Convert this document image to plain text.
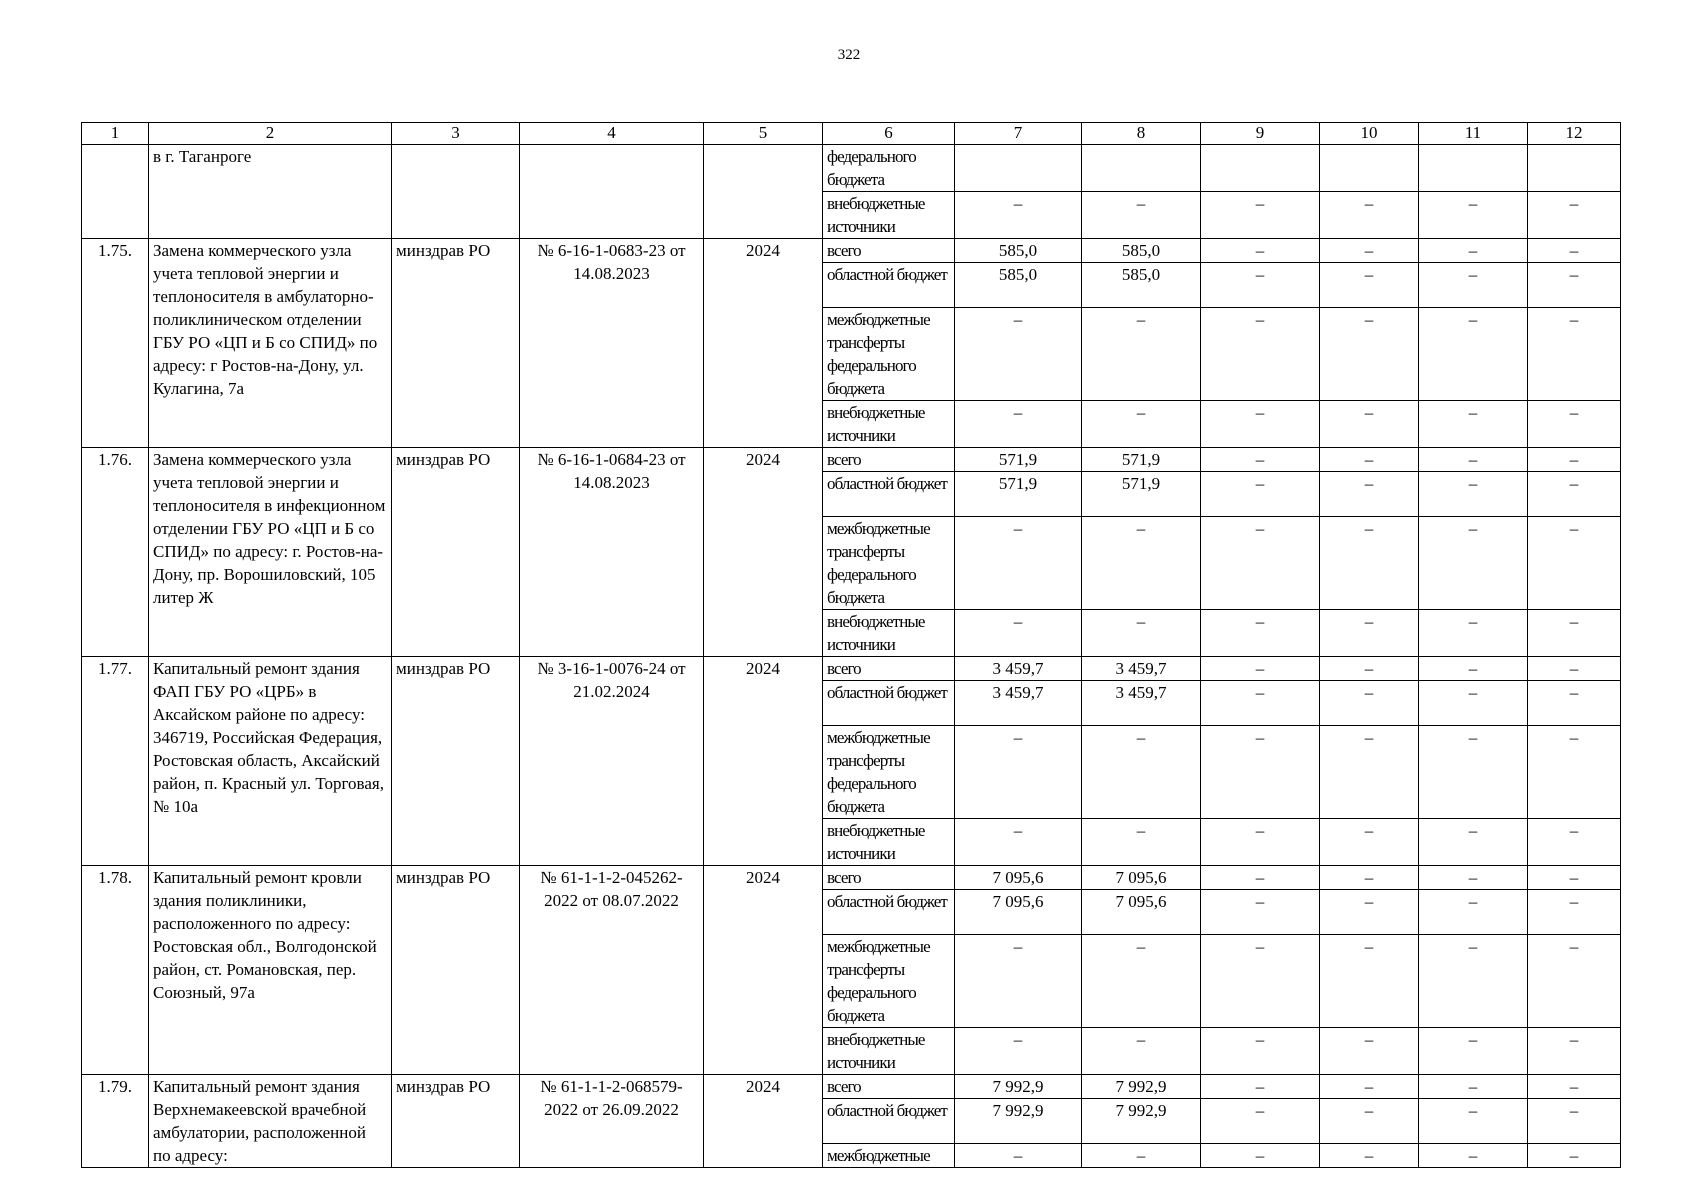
322
1	2	3	4	5	6	7	8	9	10	11	12
	в г. Таганроге				федерального бюджета						
					внебюджетные источники	–	–	–	–	–	–
1.75.	Замена коммерческого узла учета тепловой энергии и теплоносителя в амбулаторно-поликлиническом отделении ГБУ РО «ЦП и Б со СПИД» по адресу: г Ростов-на-Дону, ул. Кулагина, 7а	минздрав РО	№ 6-16-1-0683-23 от 14.08.2023	2024	всего	585,0	585,0	–	–	–	–
					областной бюджет	585,0	585,0	–	–	–	–
					межбюджетные трансферты федерального бюджета	–	–	–	–	–	–
					внебюджетные источники	–	–	–	–	–	–
1.76.	Замена коммерческого узла учета тепловой энергии и теплоносителя в инфекционном отделении ГБУ РО «ЦП и Б со СПИД» по адресу: г. Ростов-на-Дону, пр. Ворошиловский, 105 литер Ж	минздрав РО	№ 6-16-1-0684-23 от 14.08.2023	2024	всего	571,9	571,9	–	–	–	–
					областной бюджет	571,9	571,9	–	–	–	–
					межбюджетные трансферты федерального бюджета	–	–	–	–	–	–
					внебюджетные источники	–	–	–	–	–	–
1.77.	Капитальный ремонт здания ФАП ГБУ РО «ЦРБ» в Аксайском районе по адресу: 346719, Российская Федерация, Ростовская область, Аксайский район, п. Красный ул. Торговая, № 10а	минздрав РО	№ 3-16-1-0076-24 от 21.02.2024	2024	всего	3 459,7	3 459,7	–	–	–	–
					областной бюджет	3 459,7	3 459,7	–	–	–	–
					межбюджетные трансферты федерального бюджета	–	–	–	–	–	–
					внебюджетные источники	–	–	–	–	–	–
1.78.	Капитальный ремонт кровли здания поликлиники, расположенного по адресу: Ростовская обл., Волгодонской район, ст. Романовская, пер. Союзный, 97а	минздрав РО	№ 61-1-1-2-045262-2022 от 08.07.2022	2024	всего	7 095,6	7 095,6	–	–	–	–
					областной бюджет	7 095,6	7 095,6	–	–	–	–
					межбюджетные трансферты федерального бюджета	–	–	–	–	–	–
					внебюджетные источники	–	–	–	–	–	–
1.79.	Капитальный ремонт здания Верхнемакеевской врачебной амбулатории, расположенной по адресу:	минздрав РО	№ 61-1-1-2-068579-2022 от 26.09.2022	2024	всего	7 992,9	7 992,9	–	–	–	–
					областной бюджет	7 992,9	7 992,9	–	–	–	–
					межбюджетные	–	–	–	–	–	–
